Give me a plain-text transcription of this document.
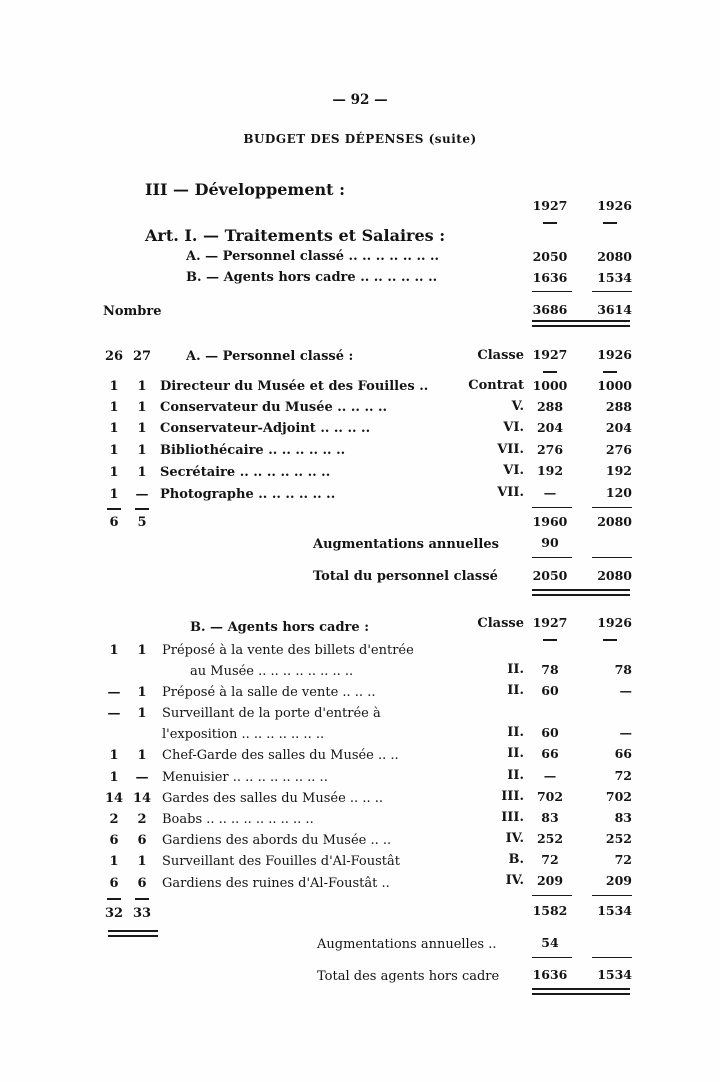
— 92 —
BUDGET DES DÉPENSES (suite)
III — Développement :
1927	1926
Art. I. — Traitements et Salaires :
A. — Personnel classé .. .. .. .. .. .. ..	2050	2080
B. — Agents hors cadre .. .. .. .. .. ..	1636	1534
Nombre	3686	3614
26 27	A. — Personnel classé :	Classe 1927	1926
1	1	Directeur du Musée et des Fouilles ..	Contrat 1000	1000
1	1	Conservateur du Musée .. .. .. ..	V.	288	288
1	1	Conservateur-Adjoint .. .. .. ..	VI.	204	204
1	1	Bibliothécaire .. .. .. .. .. ..	VII.	276	276
1	1	Secrétaire .. .. .. .. .. .. ..	VI.	192	192
1	— Photographe .. .. .. .. .. ..	VII.	—	120
6	5	1960	2080
Augmentations annuelles	90
Total du personnel classé	2050	2080
B. — Agents hors cadre :	Classe 1927	1926
1	1	Préposé à la vente des billets d'entrée
au Musée .. .. .. .. .. .. .. ..	II.	78	78
—	1	Préposé à la salle de vente .. .. ..	II.	60	—
—	1	Surveillant de la porte d'entrée à
l'exposition .. .. .. .. .. .. ..	II.	60	—
1	1	Chef-Garde des salles du Musée .. ..	II.	66	66
1	— Menuisier .. .. .. .. .. .. .. ..	II.	—	72
14 14 Gardes des salles du Musée .. .. ..	III.	702	702
2	2	Boabs .. .. .. .. .. .. .. .. ..	III.	83	83
6	6	Gardiens des abords du Musée .. ..	IV.	252	252
1	1	Surveillant des Fouilles d'Al-Foustât	B.	72	72
6	6	Gardiens des ruines d'Al-Foustât ..	IV.	209	209
32 33	1582	1534
Augmentations annuelles ..	54
Total des agents hors cadre	1636	1534
